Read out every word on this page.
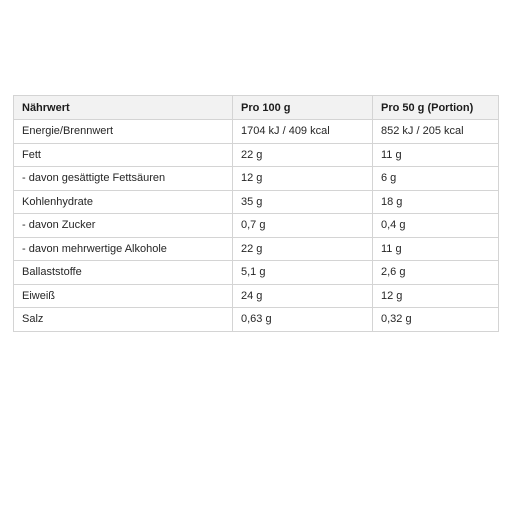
Nährwert	Pro 100 g	Pro 50 g (Portion)
Energie/Brennwert	1704 kJ / 409 kcal	852 kJ / 205 kcal
Fett	22 g	11 g
- davon gesättigte Fettsäuren	12 g	6 g
Kohlenhydrate	35 g	18 g
- davon Zucker	0,7 g	0,4 g
- davon mehrwertige Alkohole	22 g	11 g
Ballaststoffe	5,1 g	2,6 g
Eiweiß	24 g	12 g
Salz	0,63 g	0,32 g
